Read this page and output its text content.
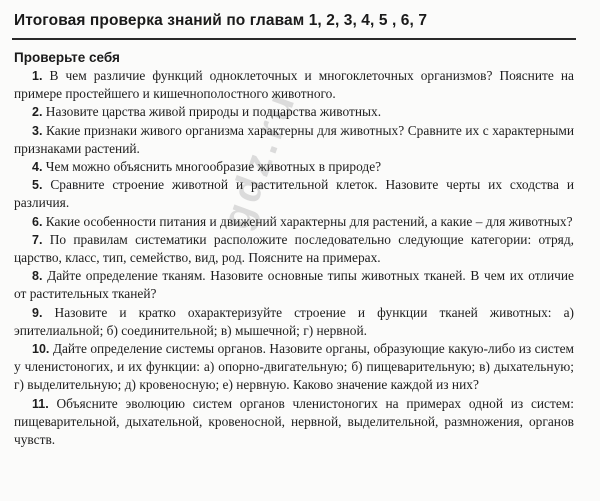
Итоговая проверка знаний по главам 1, 2, 3, 4, 5 , 6, 7
Проверьте себя
1. В чем различие функций одноклеточных и многоклеточных организмов? Поясните на примере простейшего и кишечнополостного животного.
2. Назовите царства живой природы и подцарства животных.
3. Какие признаки живого организма характерны для животных? Сравните их с характерными признаками растений.
4. Чем можно объяснить многообразие животных в природе?
5. Сравните строение животной и растительной клеток. Назовите черты их сходства и различия.
6. Какие особенности питания и движений характерны для растений, а какие – для животных?
7. По правилам систематики расположите последовательно следующие категории: отряд, царство, класс, тип, семейство, вид, род. Поясните на примерах.
8. Дайте определение тканям. Назовите основные типы животных тканей. В чем их отличие от растительных тканей?
9. Назовите и кратко охарактеризуйте строение и функции тканей животных: а) эпителиальной; б) соединительной; в) мышечной; г) нервной.
10. Дайте определение системы органов. Назовите органы, образующие какую-либо из систем у членистоногих, и их функции: а) опорно-двигательную; б) пищеварительную; в) дыхательную; г) выделительную; д) кровеносную; е) нервную. Каково значение каждой из них?
11. Объясните эволюцию систем органов членистоногих на примерах одной из систем: пищеварительной, дыхательной, кровеносной, нервной, выделительной, размножения, органов чувств.
gdz.ru
